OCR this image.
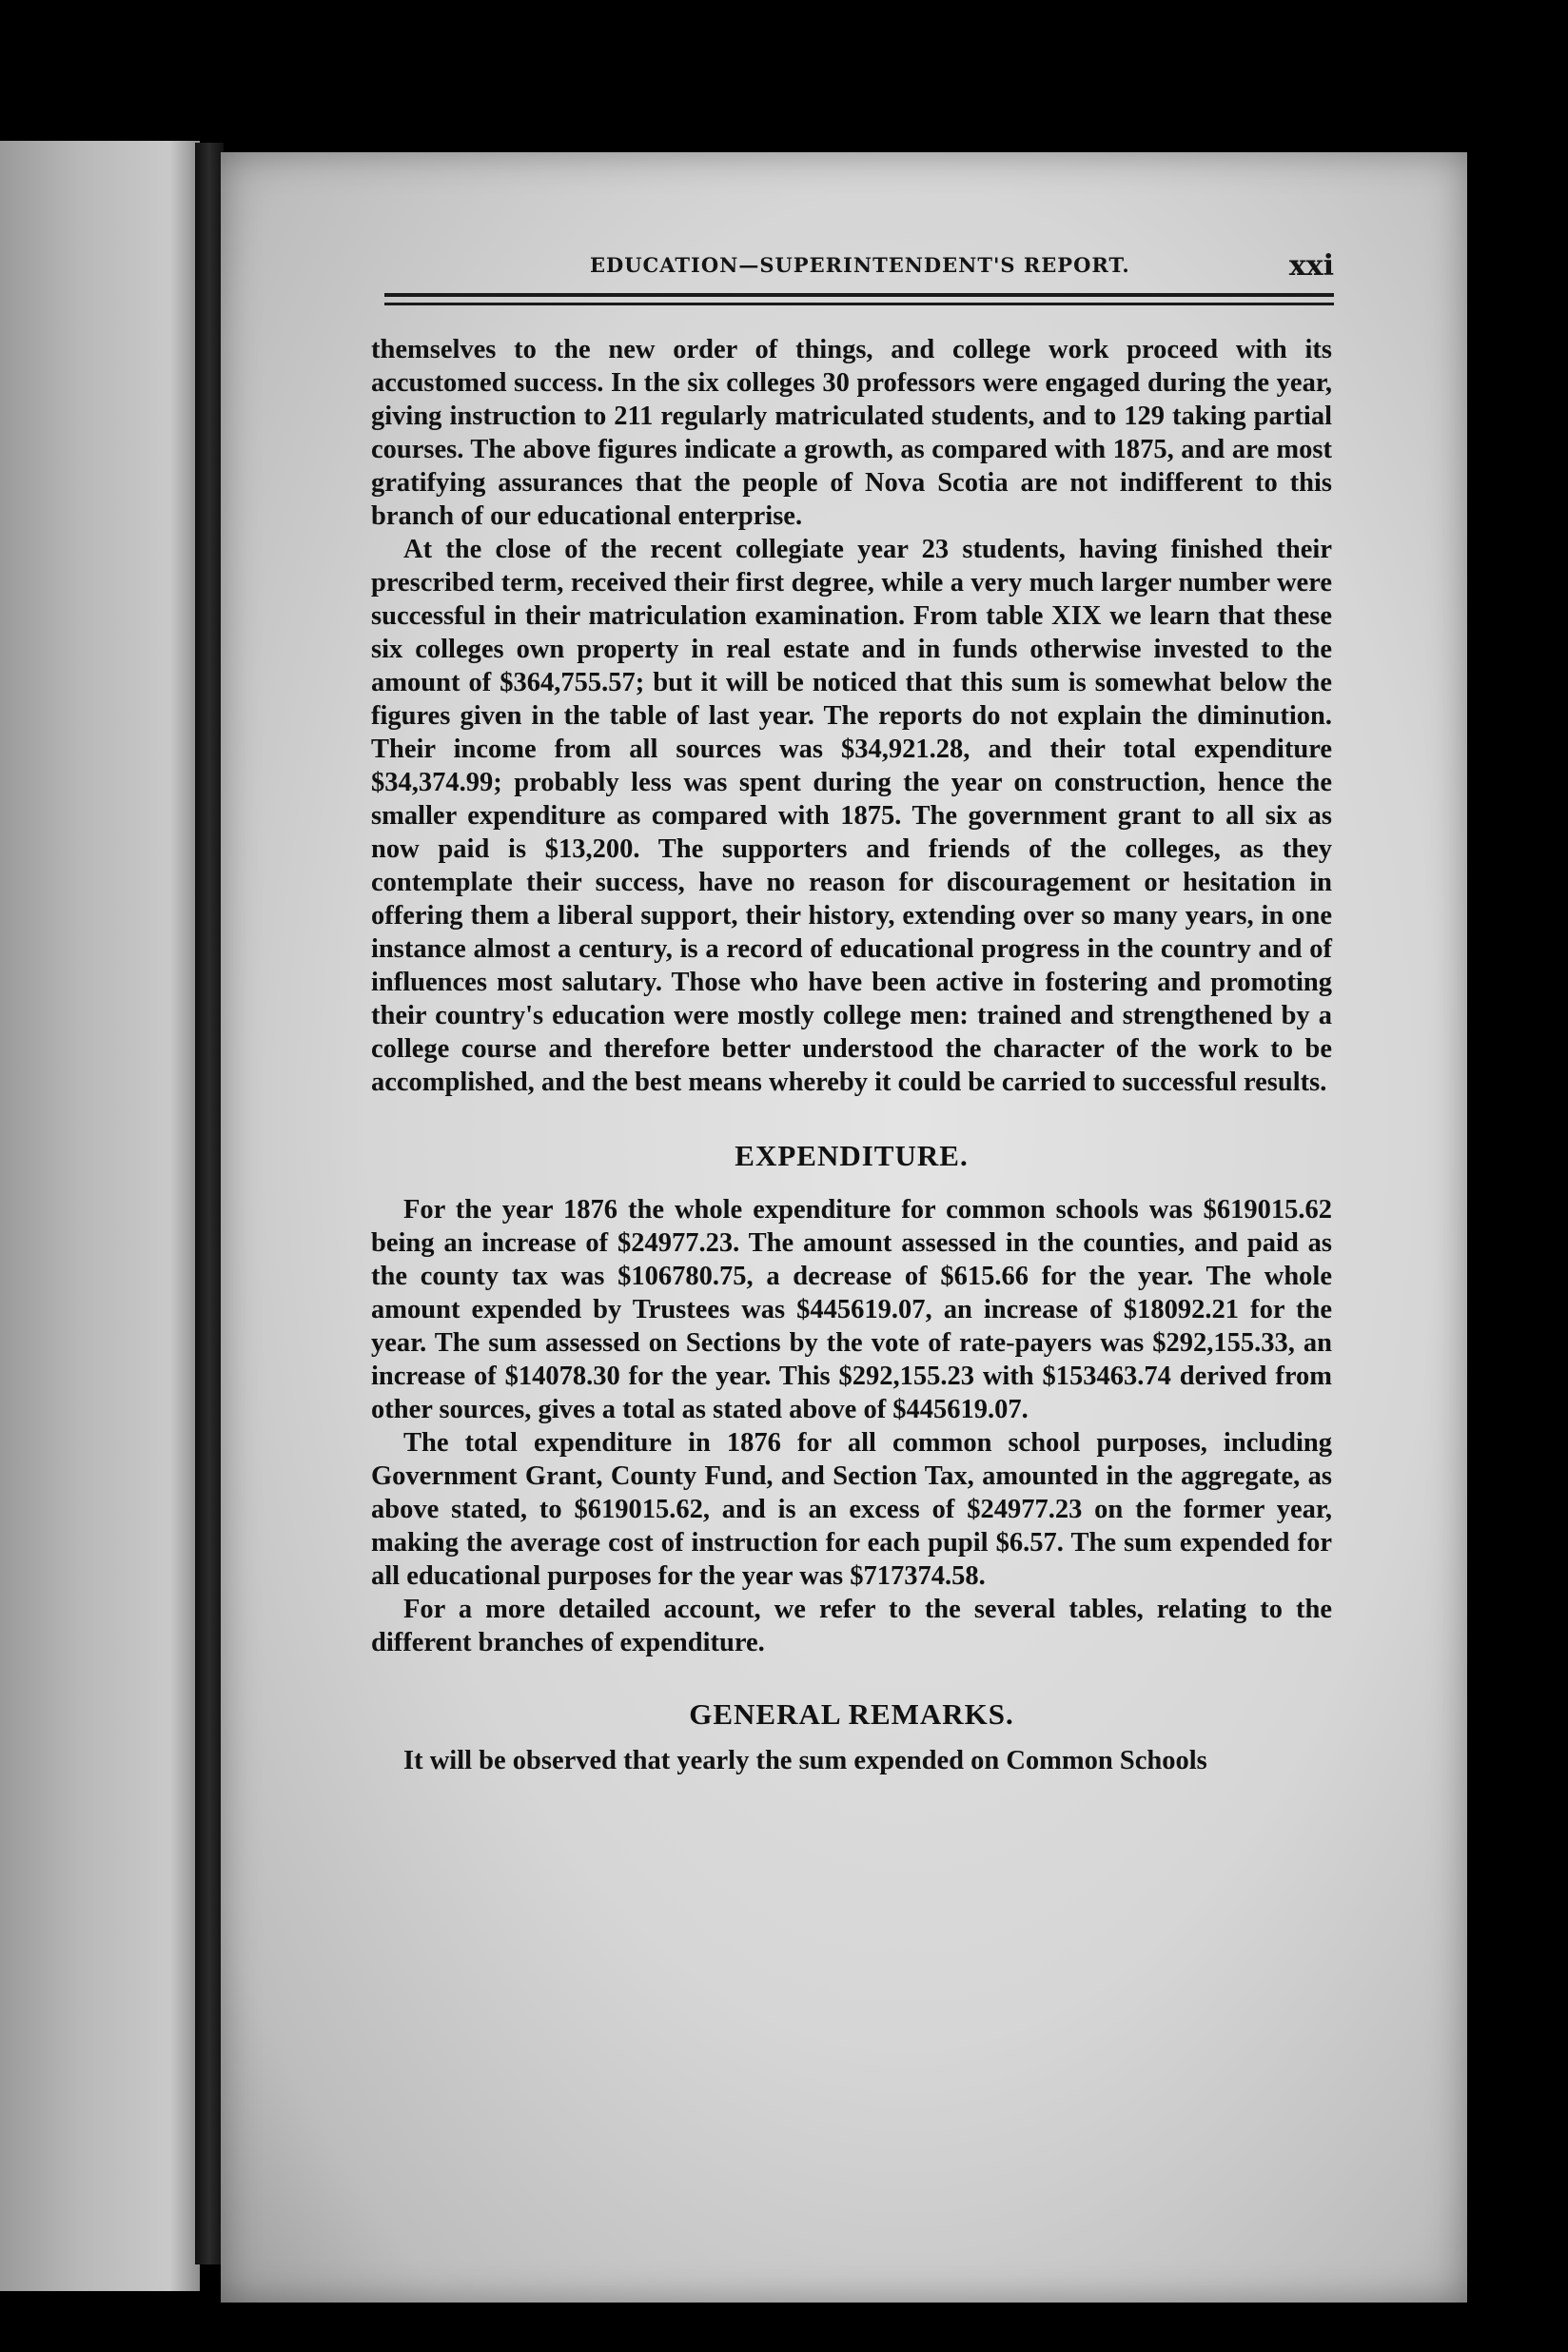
EDUCATION—SUPERINTENDENT'S REPORT.	xxi

themselves to the new order of things, and college work proceed with its accustomed success. In the six colleges 30 professors were engaged during the year, giving instruction to 211 regularly matriculated students, and to 129 taking partial courses. The above figures indicate a growth, as compared with 1875, and are most gratifying assurances that the people of Nova Scotia are not indifferent to this branch of our educational enterprise.

At the close of the recent collegiate year 23 students, having finished their prescribed term, received their first degree, while a very much larger number were successful in their matriculation examination. From table XIX we learn that these six colleges own property in real estate and in funds otherwise invested to the amount of $364,755.57; but it will be noticed that this sum is somewhat below the figures given in the table of last year. The reports do not explain the diminution. Their income from all sources was $34,921.28, and their total expenditure $34,374.99; probably less was spent during the year on construction, hence the smaller expenditure as compared with 1875. The government grant to all six as now paid is $13,200. The supporters and friends of the colleges, as they contemplate their success, have no reason for discouragement or hesitation in offering them a liberal support, their history, extending over so many years, in one instance almost a century, is a record of educational progress in the country and of influences most salutary. Those who have been active in fostering and promoting their country's education were mostly college men: trained and strengthened by a college course and therefore better understood the character of the work to be accomplished, and the best means whereby it could be carried to successful results.

EXPENDITURE.

For the year 1876 the whole expenditure for common schools was $619015.62 being an increase of $24977.23. The amount assessed in the counties, and paid as the county tax was $106780.75, a decrease of $615.66 for the year. The whole amount expended by Trustees was $445619.07, an increase of $18092.21 for the year. The sum assessed on Sections by the vote of rate-payers was $292,155.33, an increase of $14078.30 for the year. This $292,155.23 with $153463.74 derived from other sources, gives a total as stated above of $445619.07.

The total expenditure in 1876 for all common school purposes, including Government Grant, County Fund, and Section Tax, amounted in the aggregate, as above stated, to $619015.62, and is an excess of $24977.23 on the former year, making the average cost of instruction for each pupil $6.57. The sum expended for all educational purposes for the year was $717374.58.

For a more detailed account, we refer to the several tables, relating to the different branches of expenditure.

GENERAL REMARKS.

It will be observed that yearly the sum expended on Common Schools
